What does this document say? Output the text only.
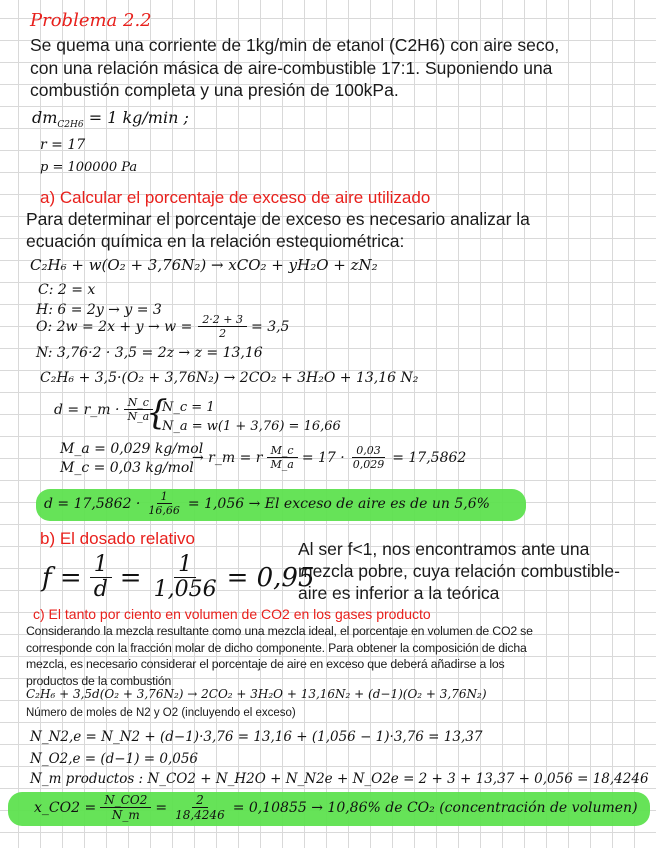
Problema 2.2
Se quema una corriente de 1kg/min de etanol (C2H6) con aire seco,
con una relación másica de aire-combustible 17:1. Suponiendo una
combustión completa y una presión de 100kPa.
$dm_{C2H6} = 1$ kg/min ;
r = 17
p = 100000 Pa
a) Calcular el porcentaje de exceso de aire utilizado
Para determinar el porcentaje de exceso es necesario analizar la
ecuación química en la relación estequiométrica:
C₂H₆ + w(O₂ + 3,76N₂) → xCO₂ + yH₂O + zN₂
C: 2 = x
H: 6 = 2y → y = 3
O: $2w = 2x + y \to w = \frac{2\cdot 2 + 3}{2} = 3,5$
N: 3,76·2 · 3,5 = 2z → z = 13,16
C₂H₆ + 3,5·(O₂ + 3,76N₂) → 2CO₂ + 3H₂O + 13,16 N₂
d = r_m · $\frac{N\_c}{N\_a}$
{
N_c = 1
N_a = w(1 + 3,76) = 16,66
M_a = 0,029 kg/mol
M_c = 0,03 kg/mol
→ r_m = r $\frac{M\_c}{M\_a} = 17 \cdot \frac{0,03}{0,029} = 17,5862$
$d = 17,5862 \cdot \frac{1}{16,66} = 1,056 \to El$ exceso de aire es de un 5,6%
b) El dosado relativo
$f = \frac{1}{d} = \frac{1}{1,056} = 0,95$
Al ser f<1, nos encontramos ante una
mezcla pobre, cuya relación combustible-
aire es inferior a la teórica
c) El tanto por ciento en volumen de CO2 en los gases producto
Considerando la mezcla resultante como una mezcla ideal, el porcentaje en volumen de CO2 se
corresponde con la fracción molar de dicho componente. Para obtener la composición de dicha
mezcla, es necesario considerar el porcentaje de aire en exceso que deberá añadirse a los
productos de la combustión
C₂H₆ + 3,5d(O₂ + 3,76N₂) → 2CO₂ + 3H₂O + 13,16N₂ + (d−1)(O₂ + 3,76N₂)
Número de moles de N2 y O2 (incluyendo el exceso)
N_N2,e = N_N2 + (d−1)·3,76 = 13,16 + (1,056 − 1)·3,76 = 13,37
N_O2,e = (d−1) = 0,056
N_m productos : N_CO2 + N_H2O + N_N2e + N_O2e = 2 + 3 + 13,37 + 0,056 = 18,4246
x_CO2 = $\frac{N\_CO2}{N\_m} = \frac{2}{18,4246} = 0,10855 \to 10,86\%$ de CO₂ (concentración de volumen)
